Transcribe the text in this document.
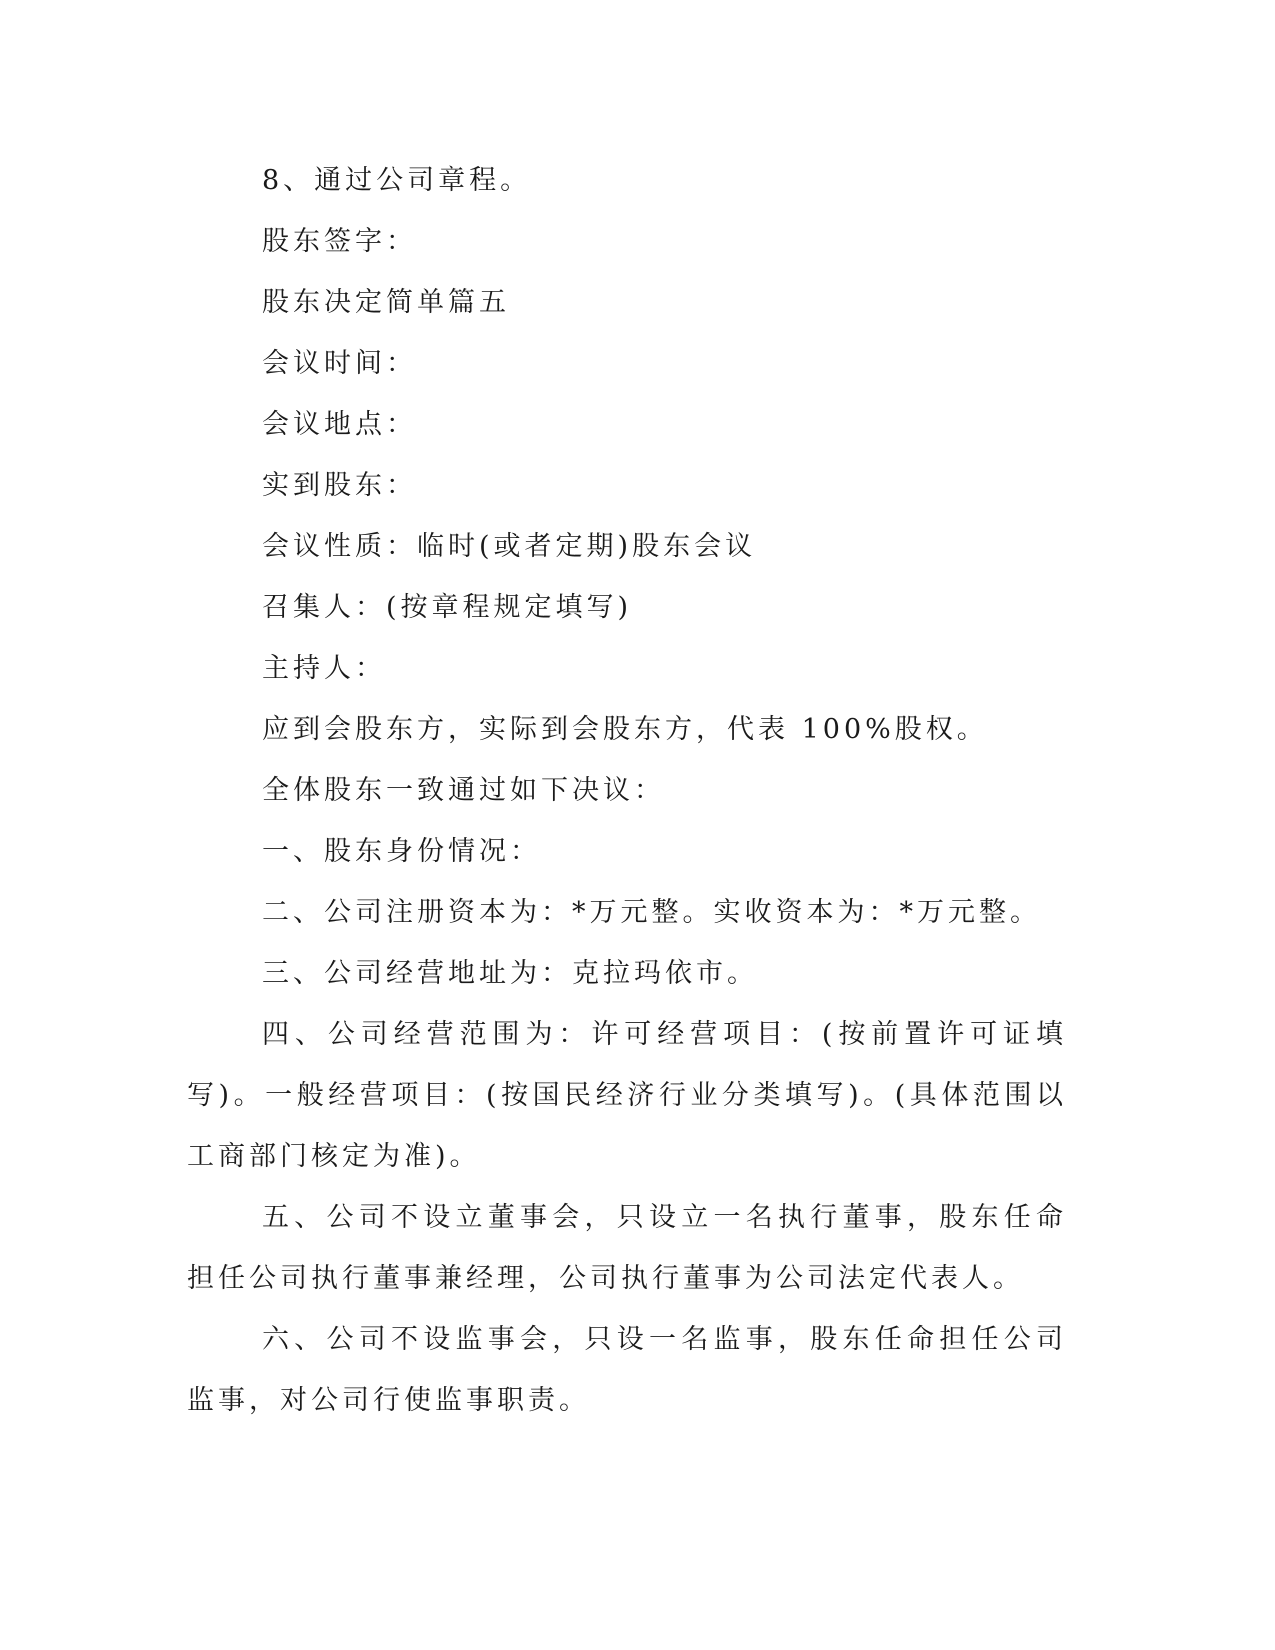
8、通过公司章程。

股东签字：

股东决定简单篇五

会议时间：

会议地点：

实到股东：

会议性质：临时(或者定期)股东会议

召集人：(按章程规定填写)

主持人：

应到会股东方，实际到会股东方，代表 100%股权。

全体股东一致通过如下决议：

一、股东身份情况：

二、公司注册资本为：*万元整。实收资本为：*万元整。

三、公司经营地址为：克拉玛依市。

四、公司经营范围为：许可经营项目：(按前置许可证填写)。一般经营项目：(按国民经济行业分类填写)。(具体范围以工商部门核定为准)。

五、公司不设立董事会，只设立一名执行董事，股东任命担任公司执行董事兼经理，公司执行董事为公司法定代表人。

六、公司不设监事会，只设一名监事，股东任命担任公司监事，对公司行使监事职责。
